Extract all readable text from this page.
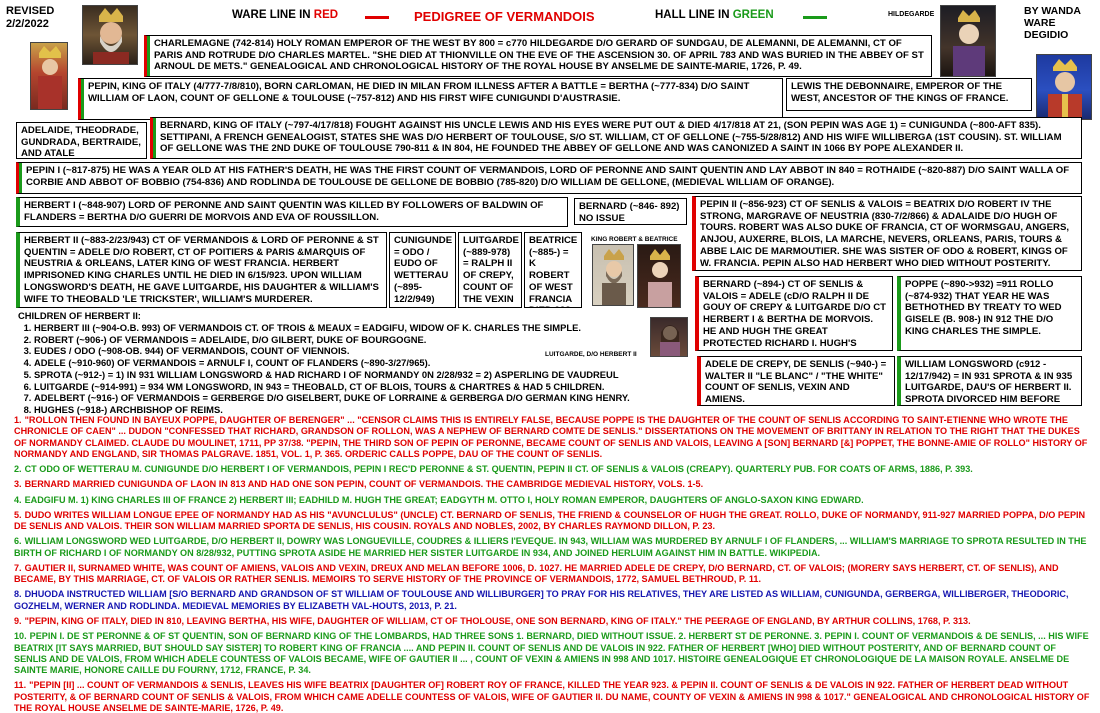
REVISED
2/2/2022
WARE LINE IN RED	PEDIGREE OF VERMANDOIS	HALL LINE IN GREEN	HILDEGARDE	BY WANDA
WARE
DEGIDIO
KING ROBERT & BEATRICE
LUITGARDE, D/O HERBERT II
CHARLEMAGNE (742-814) HOLY ROMAN EMPEROR OF THE WEST BY 800 = c770 HILDEGARDE D/O GERARD OF SUNDGAU, DE ALEMANNI, DE ALEMANNI, CT OF PARIS AND ROTRUDE D/O CHARLES MARTEL. "SHE DIED AT THIONVILLE ON THE EVE OF THE ASCENSION 30. OF APRIL 783 AND WAS BURIED IN THE ABBEY OF ST ARNOUL DE METS." GENEALOGICAL AND CHRONOLOGICAL HISTORY OF THE ROYAL HOUSE BY ANSELME DE SAINTE-MARIE, 1726, P. 49.
PEPIN, KING OF ITALY (4/777-7/8/810), BORN CARLOMAN, HE DIED IN MILAN FROM ILLNESS AFTER A BATTLE = BERTHA (~777-834) D/O SAINT WILLIAM OF LAON, COUNT OF GELLONE & TOULOUSE (~757-812) AND HIS FIRST WIFE CUNIGUNDI D'AUSTRASIE.
LEWIS THE DEBONNAIRE, EMPEROR OF THE WEST, ANCESTOR OF THE KINGS OF FRANCE.
ADELAIDE, THEODRADE, GUNDRADA, BERTRAIDE, AND ATALE
BERNARD, KING OF ITALY (~797-4/17/818) FOUGHT AGAINST HIS UNCLE LEWIS AND HIS EYES WERE PUT OUT & DIED 4/17/818 AT 21, (SON PEPIN WAS AGE 1) = CUNIGUNDA (~800-AFT 835). SETTIPANI, A FRENCH GENEALOGIST, STATES SHE WAS D/O HERBERT OF TOULOUSE, S/O ST. WILLIAM, CT OF GELLONE (~755-5/28/812) AND HIS WIFE WILLIBERGA (1ST COUSIN). ST. WILLIAM OF GELLONE WAS THE 2ND DUKE OF TOULOUSE 790-811 & IN 804, HE FOUNDED THE ABBEY OF GELLONE AND WAS CANONIZED A SAINT IN 1066 BY POPE ALEXANDER II.
PEPIN I (~817-875) HE WAS A YEAR OLD AT HIS FATHER'S DEATH, HE WAS THE FIRST COUNT OF VERMANDOIS, LORD OF PERONNE AND SAINT QUENTIN AND LAY ABBOT IN 840 = ROTHAIDE (~820-887) D/O SAINT WALLA OF CORBIE AND ABBOT OF BOBBIO (754-836) AND RODLINDA DE TOULOUSE DE GELLONE DE BOBBIO (785-820) D/O WILLIAM DE GELLONE, (MEDIEVAL WILLIAM OF ORANGE).
HERBERT I (~848-907) LORD OF PERONNE AND SAINT QUENTIN WAS KILLED BY FOLLOWERS OF BALDWIN OF FLANDERS = BERTHA D/O GUERRI DE MORVOIS AND EVA OF ROUSSILLON.
BERNARD (~846- 892) NO ISSUE
PEPIN II (~856-923) CT OF SENLIS & VALOIS = BEATRIX D/O ROBERT IV THE STRONG, MARGRAVE OF NEUSTRIA (830-7/2/866) & ADALAIDE D/O HUGH OF TOURS. ROBERT WAS ALSO DUKE OF FRANCIA, CT OF WORMSGAU, ANGERS, ANJOU, AUXERRE, BLOIS, LA MARCHE, NEVERS, ORLEANS, PARIS, TOURS & ABBE LAIC DE MARMOUTIER. SHE WAS SISTER OF ODO & ROBERT, KINGS OF W. FRANCIA. PEPIN ALSO HAD HERBERT WHO DIED WITHOUT POSTERITY.
HERBERT II (~883-2/23/943) CT OF VERMANDOIS & LORD OF PERONNE & ST QUENTIN = ADELE D/O ROBERT, CT OF POITIERS & PARIS &MARQUIS OF NEUSTRIA & ORLEANS, LATER KING OF WEST FRANCIA. HERBERT IMPRISONED KING CHARLES UNTIL HE DIED IN 6/15/923. UPON WILLIAM LONGSWORD'S DEATH, HE GAVE LUITGARDE, HIS DAUGHTER & WILLIAM'S WIFE TO THEOBALD 'LE TRICKSTER', WILLIAM'S MURDERER.
CUNIGUNDE = ODO / EUDO OF WETTERAU (~895-12/2/949)
LUITGARDE (~889-978) = RALPH II OF CREPY, COUNT OF THE VEXIN
BEATRICE (~885-) = K ROBERT OF WEST FRANCIA
BERNARD (~894-) CT OF SENLIS & VALOIS = ADELE (cD/O RALPH II DE GOUY OF CREPY & LUITGARDE D/O CT HERBERT I & BERTHA DE MORVOIS. HE AND HUGH THE GREAT PROTECTED RICHARD I. HUGH'S
POPPE (~890->932) =911 ROLLO (~874-932) THAT YEAR HE WAS BETHOTHED BY TREATY TO WED GISELE (B. 908-) IN 912 THE D/O KING CHARLES THE SIMPLE.
ADELE DE CREPY, DE SENLIS (~940-) = WALTER II "LE BLANC" / "THE WHITE" COUNT OF SENLIS, VEXIN AND AMIENS.
WILLIAM LONGSWORD (c912 - 12/17/942) = IN 931 SPROTA & IN 935 LUITGARDE, DAU'S OF HERBERT II. SPROTA DIVORCED HIM BEFORE
CHILDREN OF HERBERT II:
1. HERBERT III (~904-O.B. 993) OF VERMANDOIS CT. OF TROIS & MEAUX = EADGIFU, WIDOW OF K. CHARLES THE SIMPLE.
2. ROBERT (~906-) OF VERMANDOIS = ADELAIDE, D/O GILBERT, DUKE OF BOURGOGNE.
3. EUDES / ODO (~908-OB. 944) OF VERMANDOIS, COUNT OF VIENNOIS.
4. ADELE (~910-960) OF VERMANDOIS = ARNULF I, COUNT OF FLANDERS (~890-3/27/965).
5. SPROTA (~912-) = 1) IN 931 WILLIAM LONGSWORD & HAD RICHARD I OF NORMANDY 0N 2/28/932 = 2) ASPERLING DE VAUDREUL
6. LUITGARDE (~914-991) = 934 WM LONGSWORD, IN 943 = THEOBALD, CT OF BLOIS, TOURS & CHARTRES & HAD 5 CHILDREN.
7. ADELBERT (~916-) OF VERMANDOIS = GERBERGE D/O GISELBERT, DUKE OF LORRAINE & GERBERGA D/O GERMAN KING HENRY.
8. HUGHES (~918-) ARCHBISHOP OF REIMS.
1. "ROLLON THEN FOUND IN BAYEUX POPPE, DAUGHTER OF BERENGER" ... "CENSOR CLAIMS THIS IS ENTIRELY FALSE, BECAUSE POPPE IS THE DAUGHTER OF THE COUNT OF SENLIS ACCORDING TO SAINT-ETIENNE WHO WROTE THE CHRONICLE OF CAEN" ... DUDON "CONFESSED THAT RICHARD, GRANDSON OF ROLLON, WAS A NEPHEW OF BERNARD COMTE DE SENLIS." DISSERTATIONS ON THE MOVEMENT OF BRITTANY IN RELATION TO THE RIGHT THAT THE DUKES OF NORMANDY CLAIMED. CLAUDE DU MOULINET, 1711, PP 37/38. "PEPIN, THE THIRD SON OF PEPIN OF PERONNE, BECAME COUNT OF SENLIS AND VALOIS, LEAVING A [SON] BERNARD [&] POPPET, THE BONNE-AMIE OF ROLLO" HISTORY OF NORMANDY AND ENGLAND, SIR THOMAS PALGRAVE. 1851, VOL. 1, P. 365. ORDERIC CALLS POPPE, DAU OF THE COUNT OF SENLIS.
2. CT ODO OF WETTERAU M. CUNIGUNDE D/O HERBERT I OF VERMANDOIS, PEPIN I REC'D PERONNE & ST. QUENTIN, PEPIN II CT. OF SENLIS & VALOIS (CREAPY). QUARTERLY PUB. FOR COATS OF ARMS, 1886, P. 393.
3. BERNARD MARRIED CUNIGUNDA OF LAON IN 813 AND HAD ONE SON PEPIN, COUNT OF VERMANDOIS. THE CAMBRIDGE MEDIEVAL HISTORY, VOLS. 1-5.
4. EADGIFU M. 1) KING CHARLES III OF FRANCE 2) HERBERT III; EADHILD M. HUGH THE GREAT; EADGYTH M. OTTO I, HOLY ROMAN EMPEROR, DAUGHTERS OF ANGLO-SAXON KING EDWARD.
5. DUDO WRITES WILLIAM LONGUE EPEE OF NORMANDY HAD AS HIS "AVUNCLULUS" (UNCLE) CT. BERNARD OF SENLIS, THE FRIEND & COUNSELOR OF HUGH THE GREAT. ROLLO, DUKE OF NORMANDY, 911-927 MARRIED POPPA, D/O PEPIN DE SENLIS AND VALOIS. THEIR SON WILLIAM MARRIED SPORTA DE SENLIS, HIS COUSIN. ROYALS AND NOBLES, 2002, BY CHARLES RAYMOND DILLON, P. 23.
6. WILLIAM LONGSWORD WED LUITGARDE, D/O HERBERT II, DOWRY WAS LONGUEVILLE, COUDRES & ILLIERS I'EVEQUE. IN 943, WILLIAM WAS MURDERED BY ARNULF I OF FLANDERS, ... WILLIAM'S MARRIAGE TO SPROTA RESULTED IN THE BIRTH OF RICHARD I OF NORMANDY ON 8/28/932, PUTTING SPROTA ASIDE HE MARRIED HER SISTER LUITGARDE IN 934, AND JOINED HERLUIM AGAINST HIM IN BATTLE. WIKIPEDIA.
7. GAUTIER II, SURNAMED WHITE, WAS COUNT OF AMIENS, VALOIS AND VEXIN, DREUX AND MELAN BEFORE 1006, D. 1027. HE MARRIED ADELE DE CREPY, D/O BERNARD, CT. OF VALOIS; (MORERY SAYS HERBERT, CT. OF SENLIS), AND BECAME, BY THIS MARRIAGE, CT. OF VALOIS OR RATHER SENLIS. MEMOIRS TO SERVE HISTORY OF THE PROVINCE OF VERMANDOIS, 1772, SAMUEL BETHROUD, P. 11.
8. DHUODA INSTRUCTED WILLIAM [S/O BERNARD AND GRANDSON OF ST WILLIAM OF TOULOUSE AND WILLIBURGER] TO PRAY FOR HIS RELATIVES, THEY ARE LISTED AS WILLIAM, CUNIGUNDA, GERBERGA, WILLIBERGER, THEODORIC, GOZHELM, WERNER AND RODLINDA. MEDIEVAL MEMORIES BY ELIZABETH VAL-HOUTS, 2013, P. 21.
9. "PEPIN, KING OF ITALY, DIED IN 810, LEAVING BERTHA, HIS WIFE, DAUGHTER OF WILLIAM, CT OF THOLOUSE, ONE SON BERNARD, KING OF ITALY." THE PEERAGE OF ENGLAND, BY ARTHUR COLLINS, 1768, P. 313.
10. PEPIN I. DE ST PERONNE & OF ST QUENTIN, SON OF BERNARD KING OF THE LOMBARDS, HAD THREE SONS 1. BERNARD, DIED WITHOUT ISSUE. 2. HERBERT ST DE PERONNE. 3. PEPIN I. COUNT OF VERMANDOIS & DE SENLIS, ... HIS WIFE BEATRIX [IT SAYS MARRIED, BUT SHOULD SAY SISTER] TO ROBERT KING OF FRANCIA .... AND PEPIN II. COUNT OF SENLIS AND DE VALOIS IN 922. FATHER OF HERBERT [WHO] DIED WITHOUT POSTERITY, AND OF BERNARD COUNT OF SENLIS AND DE VALOIS, FROM WHICH ADELE COUNTESS OF VALOIS BECAME, WIFE OF GAUTIER II ... , COUNT OF VEXIN & AMIENS IN 998 AND 1017. HISTOIRE GENEALOGIQUE ET CHRONOLOGIQUE DE LA MAISON ROYALE. ANSELME DE SAINTE MARIE, HONORE CAILLE DU FOURNY, 1712, FRANCE, P. 34.
11. "PEPIN [II] ... COUNT OF VERMANDOIS & SENLIS, LEAVES HIS WIFE BEATRIX [DAUGHTER OF] ROBERT ROY OF FRANCE, KILLED THE YEAR 923. & PEPIN II. COUNT OF SENLIS & DE VALOIS IN 922. FATHER OF HERBERT DEAD WITHOUT POSTERITY, & OF BERNARD COUNT OF SENLIS & VALOIS, FROM WHICH CAME ADELLE COUNTESS OF VALOIS, WIFE OF GAUTIER II. DU NAME, COUNTY OF VEXIN & AMIENS IN 998 & 1017." GENEALOGICAL AND CHRONOLOGICAL HISTORY OF THE ROYAL HOUSE ANSELME DE SAINTE-MARIE, 1726, P. 49.
